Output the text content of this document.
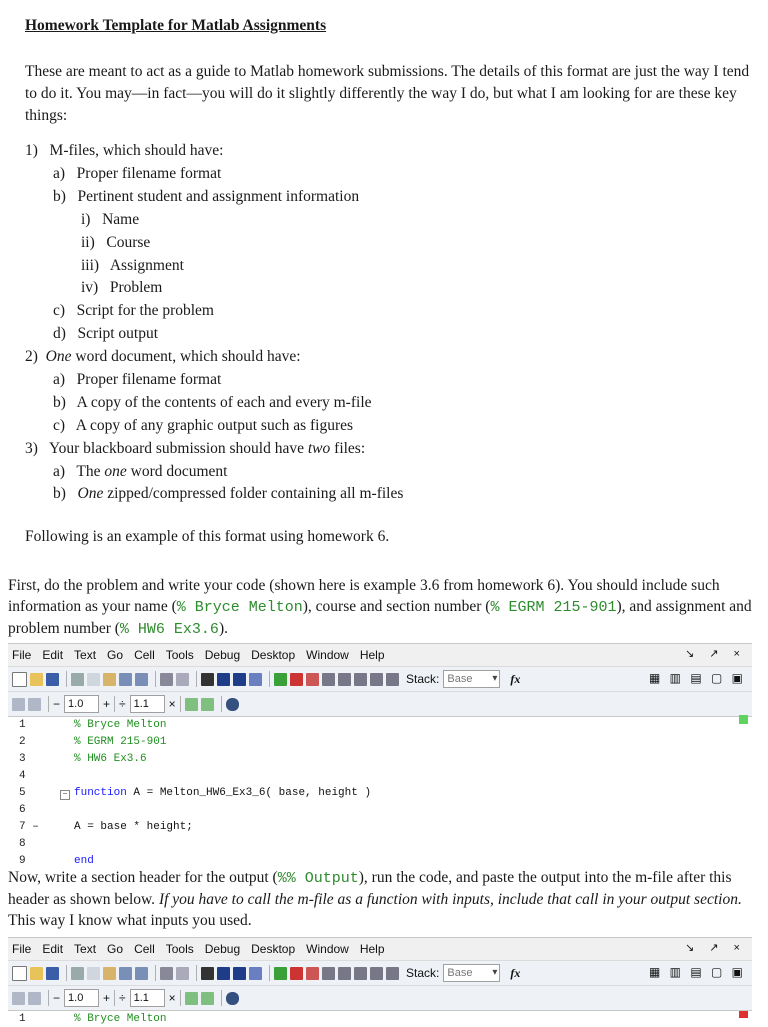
Homework Template for Matlab Assignments
These are meant to act as a guide to Matlab homework submissions. The details of this format are just the way I tend to do it. You may—in fact—you will do it slightly differently the way I do, but what I am looking for are these key things:
1)  M-files, which should have:
a)  Proper filename format
b)  Pertinent student and assignment information
i)  Name
ii)  Course
iii)  Assignment
iv)  Problem
c)  Script for the problem
d)  Script output
2) One word document, which should have:
a)  Proper filename format
b)  A copy of the contents of each and every m-file
c)  A copy of any graphic output such as figures
3)  Your blackboard submission should have two files:
a)  The one word document
b)  One zipped/compressed folder containing all m-files
Following is an example of this format using homework 6.
First, do the problem and write your code (shown here is example 3.6 from homework 6). You should include such information as your name (% Bryce Melton), course and section number (% EGRM 215-901), and assignment and problem number (% HW6 Ex3.6).
File Edit Text Go Cell Tools Debug Desktop Window Help	↘ ↗ ×
Stack: Base ▾	fx	▦ ▥ ▤ ▢ ▣
− 1.0	+ ÷ 1.1	×
1	% Bryce Melton
2	% EGRM 215-901
3	% HW6 Ex3.6
4
5	− function A = Melton_HW6_Ex3_6( base, height )
6
7 –	A = base * height;
8
9	end
Now, write a section header for the output (%% Output), run the code, and paste the output into the m-file after this header as shown below. If you have to call the m-file as a function with inputs, include that call in your output section. This way I know what inputs you used.
File Edit Text Go Cell Tools Debug Desktop Window Help	↘ ↗ ×
Stack: Base ▾	fx	▦ ▥ ▤ ▢ ▣
− 1.0	+ ÷ 1.1	×
1	% Bryce Melton
